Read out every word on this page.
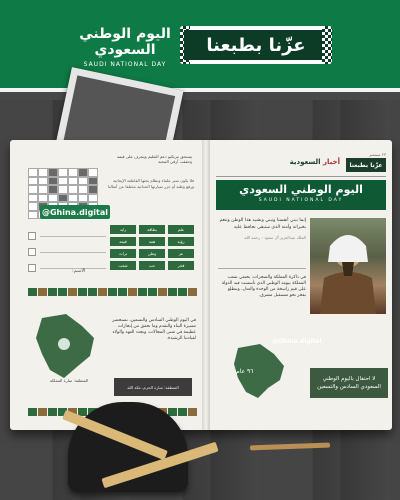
اليوم الوطني
السعودي
SAUDI NATIONAL DAY
عزّنا بطبعنا
يستحق مرتكبو دعم التعليم ويتعرف على قيمه وحققت أرفي المحبة
فلا يكون ستر علماء ونظام بحثها القاطعة الإيجابية ورفع وطنه أو جزر سيارتها الحداثية مختلفا عن أمثالنا
@Ghina.digital
الاسم:
زايد	بطاقة	علم
قيمة	همة	رؤية
تراث	وطن	عز
شعب	حب	فخر
المنطقة: منارة المملكة
في اليوم الوطني السادس والتسعين، نستحضر مسيرة البناء والتقدم وما تحقق من إنجازات عظيمة في شتى المجالات، ونجدد العهد والولاء لقيادتنا الرشيدة.
المنطقة: منارة الحزم، مكة الله
٢٣ سبتمبر
عزّنا بطبعنا
أخبار السعودية
اليوم الوطني السعودي
SAUDI NATIONAL DAY
إنما نبني أنفسنا ونبني ونشيد هذا الوطن وننعم بخيراته وأمنه الذي سنبقى نحافظ عليه
الملك عبدالعزيز آل سعود - رحمه الله
في ذاكرة المملكة والمنجزات، يحتفي شعب المملكة بيومه الوطني الذي تأسست فيه الدولة على قيم راسخة من الوحدة والعدل، ونتطلع بفخر نحو مستقبل مشرق.
٩٦ عام
@Ghina.digital
لا احتفال باليوم الوطني
السعودي السادس والتسعين
